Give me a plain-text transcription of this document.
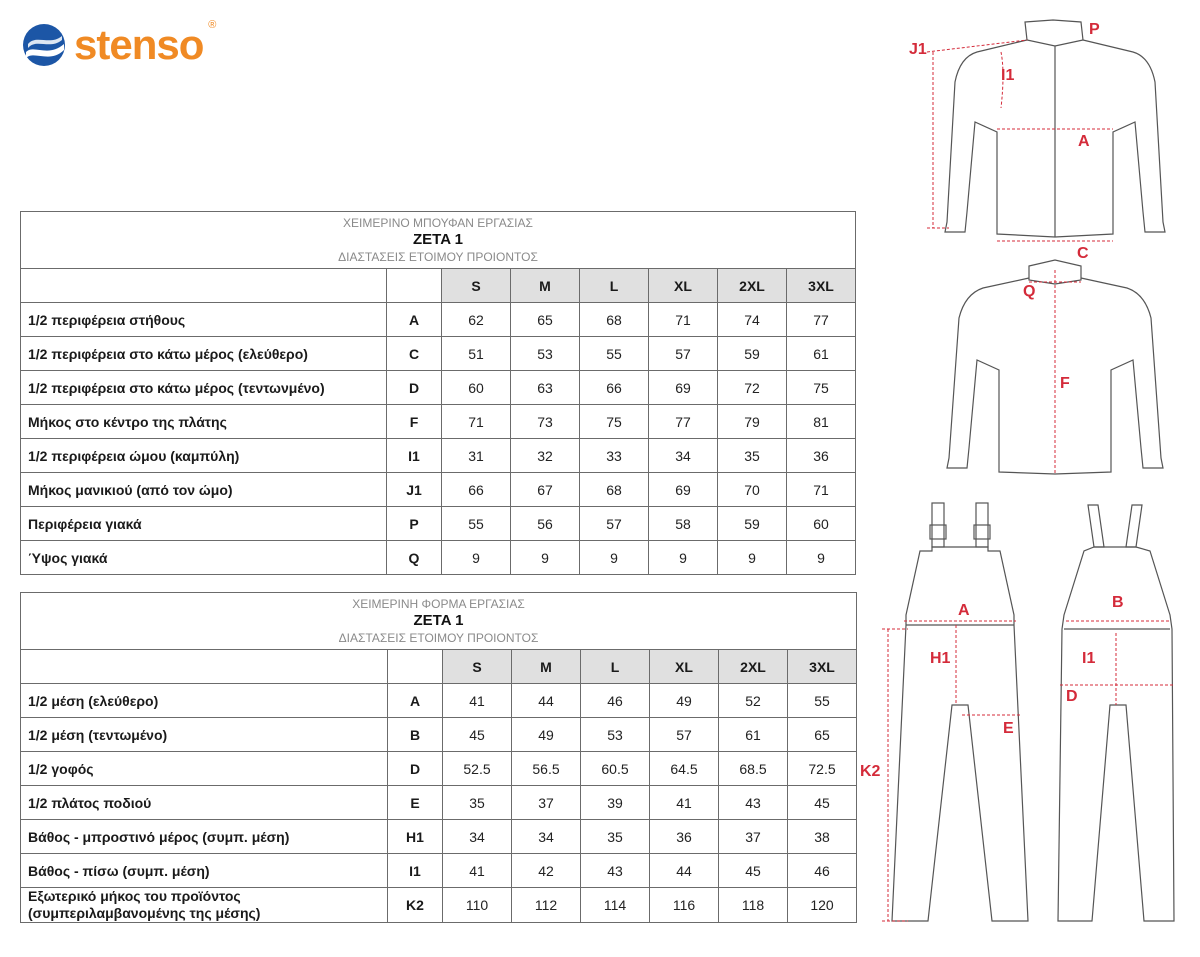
stenso ®
ΧΕΙΜΕΡΙΝΟ ΜΠΟΥΦΑΝ ΕΡΓΑΣΙΑΣ
ZETA 1
ΔΙΑΣΤΑΣΕΙΣ ΕΤΟΙΜΟΥ ΠΡΟΙΟΝΤΟΣ							

		S	M	L	XL	2XL	3XL
1/2 περιφέρεια στήθους	A	62	65	68	71	74	77
1/2 περιφέρεια στο κάτω μέρος (ελεύθερο)	C	51	53	55	57	59	61
1/2 περιφέρεια στο κάτω μέρος (τεντωνμένο)	D	60	63	66	69	72	75
Μήκος στο κέντρο της πλάτης	F	71	73	75	77	79	81
1/2 περιφέρεια ώμου (καμπύλη)	I1	31	32	33	34	35	36
Μήκος μανικιού (από τον ώμο)	J1	66	67	68	69	70	71
Περιφέρεια γιακά	P	55	56	57	58	59	60
Ύψος γιακά	Q	9	9	9	9	9	9
ΧΕΙΜΕΡΙΝΗ ΦΟΡΜΑ ΕΡΓΑΣΙΑΣ
ZETA 1
ΔΙΑΣΤΑΣΕΙΣ ΕΤΟΙΜΟΥ ΠΡΟΙΟΝΤΟΣ							

		S	M	L	XL	2XL	3XL
1/2 μέση (ελεύθερο)	A	41	44	46	49	52	55
1/2 μέση (τεντωμένο)	B	45	49	53	57	61	65
1/2 γοφός	D	52.5	56.5	60.5	64.5	68.5	72.5
1/2 πλάτος ποδιού	E	35	37	39	41	43	45
Βάθος - μπροστινό μέρος (συμπ. μέση)	H1	34	34	35	36	37	38
Βάθος - πίσω (συμπ. μέση)	I1	41	42	43	44	45	46
Εξωτερικό μήκος του προϊόντος (συμπεριλαμβανομένης της μέσης)	K2	110	112	114	116	118	120
J1
I1
P
A
C
Q
F
A
H1
E
K2
B
I1
D
